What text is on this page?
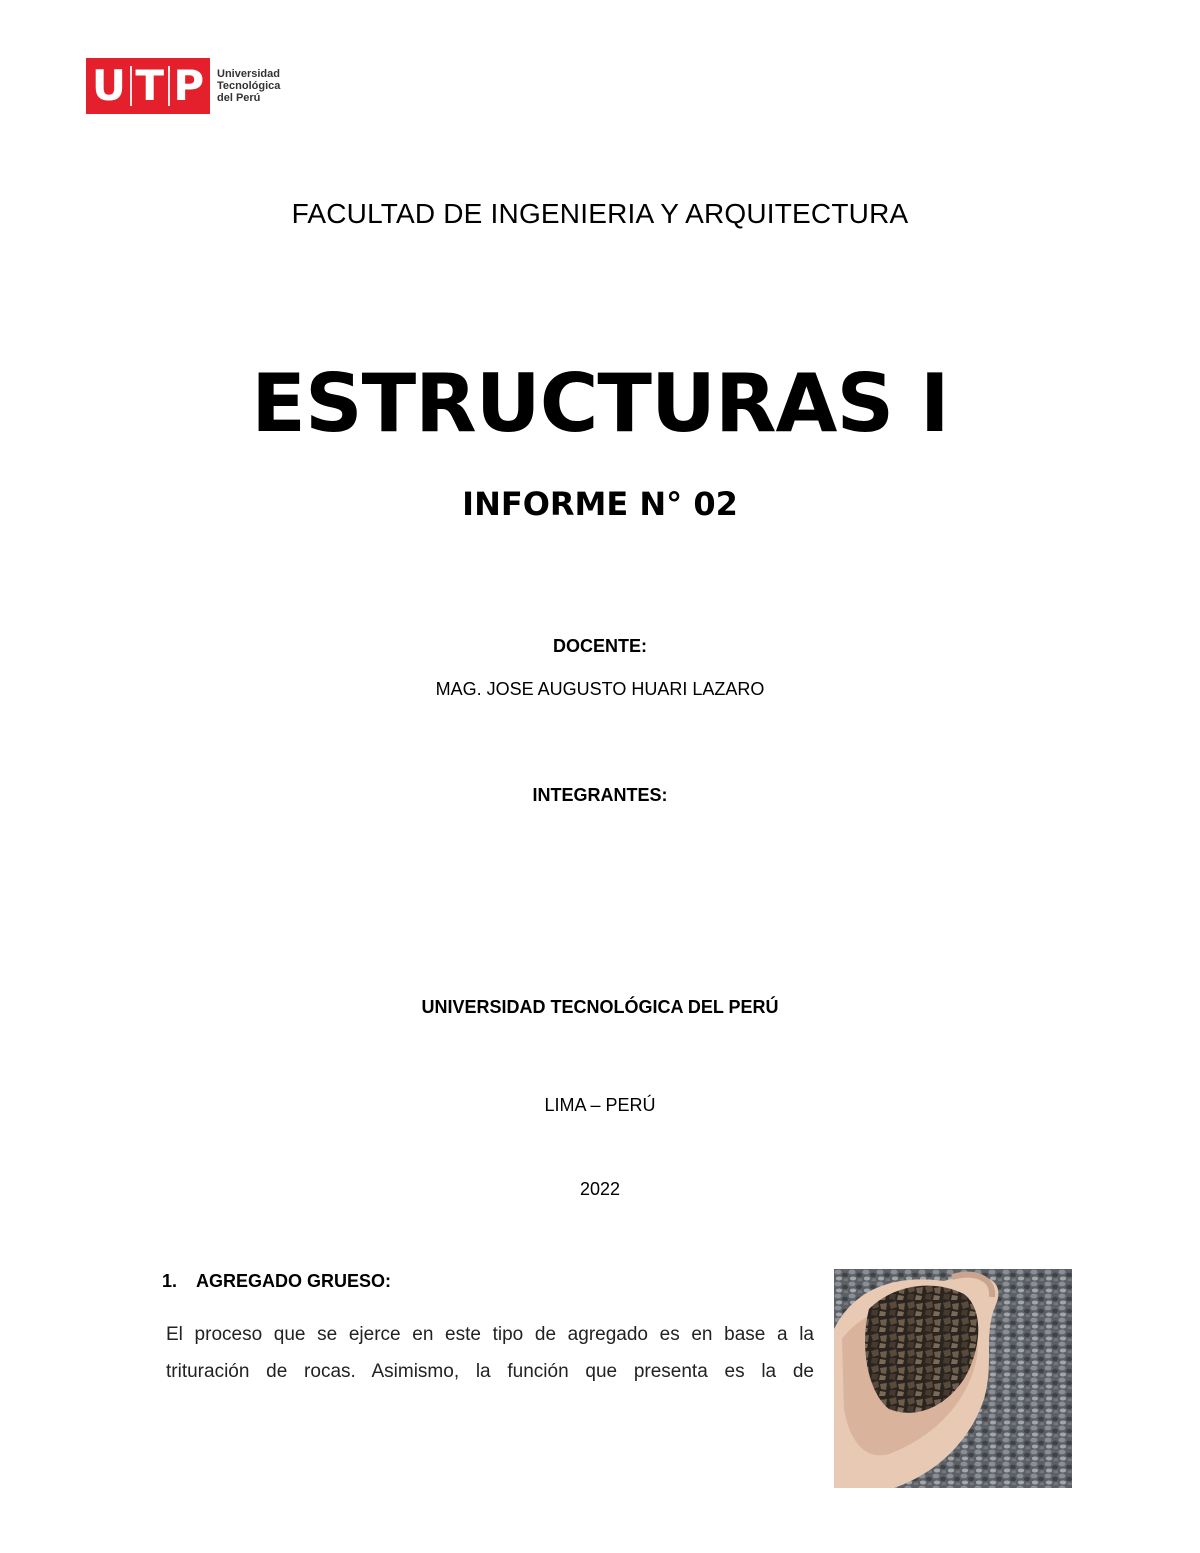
U T P Universidad
Tecnológica
del Perú
FACULTAD DE INGENIERIA Y ARQUITECTURA
ESTRUCTURAS I
INFORME N° 02
DOCENTE:
MAG. JOSE AUGUSTO HUARI LAZARO
INTEGRANTES:
UNIVERSIDAD TECNOLÓGICA DEL PERÚ
LIMA – PERÚ
2022
1.	AGREGADO GRUESO:
El proceso que se ejerce en este tipo de agregado es en base a la
trituración de rocas. Asimismo, la función que presenta es la de
